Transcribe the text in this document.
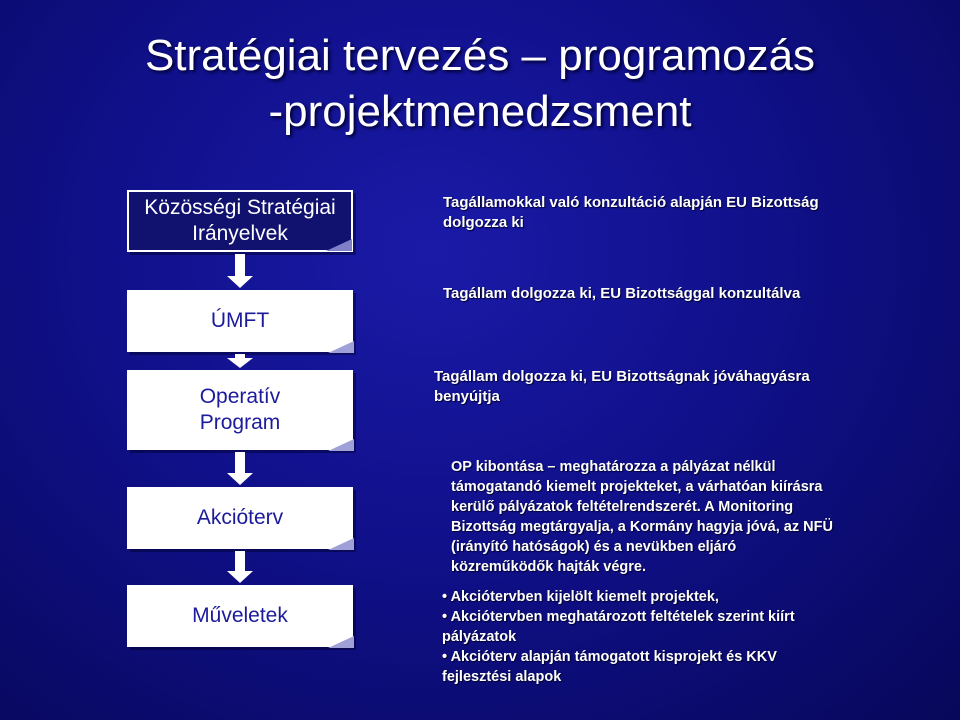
Stratégiai tervezés – programozás
-projektmenedzsment
Közösségi Stratégiai
Irányelvek
ÚMFT
Operatív
Program
Akcióterv
Műveletek
Tagállamokkal való konzultáció alapján EU Bizottság
dolgozza ki
Tagállam dolgozza ki, EU Bizottsággal konzultálva
Tagállam dolgozza ki, EU Bizottságnak jóváhagyásra
benyújtja
OP kibontása – meghatározza a pályázat nélkül
támogatandó kiemelt projekteket, a várhatóan kiírásra
kerülő pályázatok feltételrendszerét. A Monitoring
Bizottság megtárgyalja, a Kormány hagyja jóvá, az NFÜ
(irányító hatóságok) és a nevükben eljáró
közreműködők hajták végre.
• Akciótervben kijelölt kiemelt projektek,
• Akciótervben meghatározott feltételek szerint kiírt
pályázatok
• Akcióterv alapján támogatott kisprojekt és KKV
fejlesztési alapok
